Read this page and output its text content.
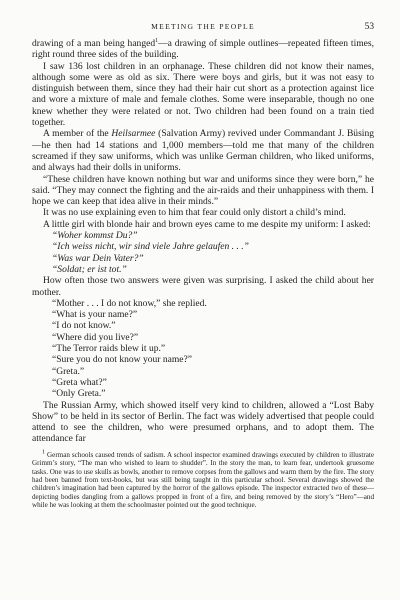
MEETING THE PEOPLE	53

drawing of a man being hanged$^1$—a drawing of simple outlines—repeated fifteen times, right round three sides of the building.

I saw 136 lost children in an orphanage. These children did not know their names, although some were as old as six. There were boys and girls, but it was not easy to distinguish between them, since they had their hair cut short as a protection against lice and wore a mixture of male and female clothes. Some were inseparable, though no one knew whether they were related or not. Two children had been found on a train tied together.

A member of the Heilsarmee (Salvation Army) revived under Commandant J. Büsing—he then had 14 stations and 1,000 members—told me that many of the children screamed if they saw uniforms, which was unlike German children, who liked uniforms, and always had their dolls in uniforms.

“These children have known nothing but war and uniforms since they were born,” he said. “They may connect the fighting and the air-raids and their unhappiness with them. I hope we can keep that idea alive in their minds.”

It was no use explaining even to him that fear could only distort a child’s mind.

A little girl with blonde hair and brown eyes came to me despite my uniform: I asked:

“Woher kommst Du?”

“Ich weiss nicht, wir sind viele Jahre gelaufen . . .”

“Was war Dein Vater?”

“Soldat; er ist tot.”

How often those two answers were given was surprising. I asked the child about her mother.

“Mother . . . I do not know,” she replied.

“What is your name?”

“I do not know.”

“Where did you live?”

“The Terror raids blew it up.”

“Sure you do not know your name?”

“Greta.”

“Greta what?”

“Only Greta.”

The Russian Army, which showed itself very kind to children, allowed a “Lost Baby Show” to be held in its sector of Berlin. The fact was widely advertised that people could attend to see the children, who were presumed orphans, and to adopt them. The attendance far

$^1$ German schools caused trends of sadism. A school inspector examined drawings executed by children to illustrate Grimm’s story, “The man who wished to learn to shudder”. In the story the man, to learn fear, undertook gruesome tasks. One was to use skulls as bowls, another to remove corpses from the gallows and warm them by the fire. The story had been banned from text-books, but was still being taught in this particular school. Several drawings showed the children’s imagination had been captured by the horror of the gallows episode. The inspector extracted two of these—depicting bodies dangling from a gallows propped in front of a fire, and being removed by the story’s “Hero”—and while he was looking at them the schoolmaster pointed out the good technique.
